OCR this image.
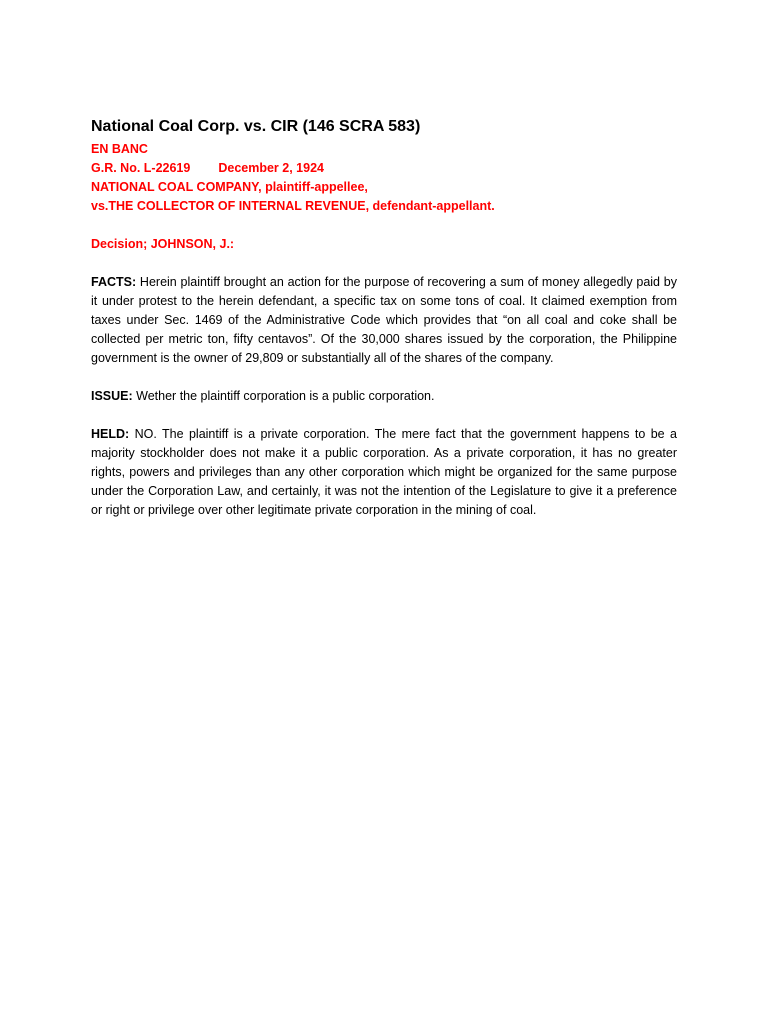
National Coal Corp. vs. CIR (146 SCRA 583)

EN BANC

G.R. No. L-22619 December 2, 1924

NATIONAL COAL COMPANY, plaintiff-appellee,

vs.THE COLLECTOR OF INTERNAL REVENUE, defendant-appellant.

Decision; JOHNSON, J.:

FACTS: Herein plaintiff brought an action for the purpose of recovering a sum of money allegedly paid by it under protest to the herein defendant, a specific tax on some tons of coal. It claimed exemption from taxes under Sec. 1469 of the Administrative Code which provides that “on all coal and coke shall be collected per metric ton, fifty centavos”. Of the 30,000 shares issued by the corporation, the Philippine government is the owner of 29,809 or substantially all of the shares of the company.

ISSUE: Wether the plaintiff corporation is a public corporation.

HELD: NO. The plaintiff is a private corporation. The mere fact that the government happens to be a majority stockholder does not make it a public corporation. As a private corporation, it has no greater rights, powers and privileges than any other corporation which might be organized for the same purpose under the Corporation Law, and certainly, it was not the intention of the Legislature to give it a preference or right or privilege over other legitimate private corporation in the mining of coal.
